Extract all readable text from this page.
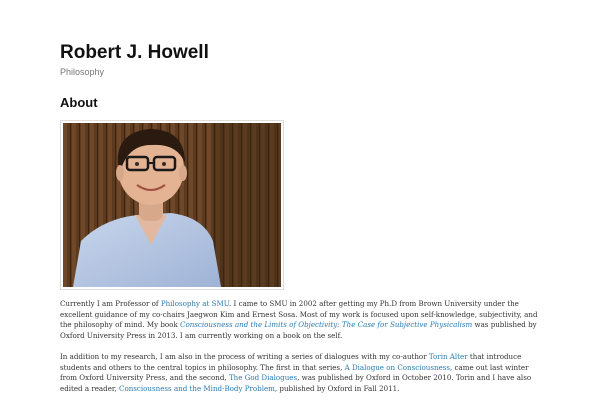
Robert J. Howell
Philosophy
About

Currently I am Professor of Philosophy at SMU. I came to SMU in 2002 after getting my Ph.D from Brown University under the excellent guidance of my co-chairs Jaegwon Kim and Ernest Sosa. Most of my work is focused upon self-knowledge, subjectivity, and the philosophy of mind. My book Consciousness and the Limits of Objectivity: The Case for Subjective Physicalism was published by Oxford University Press in 2013. I am currently working on a book on the self.

In addition to my research, I am also in the process of writing a series of dialogues with my co-author Torin Alter that introduce students and others to the central topics in philosophy. The first in that series, A Dialogue on Consciousness, came out last winter from Oxford University Press, and the second, The God Dialogues, was published by Oxford in October 2010. Torin and I have also edited a reader, Consciousness and the Mind-Body Problem, published by Oxford in Fall 2011.
